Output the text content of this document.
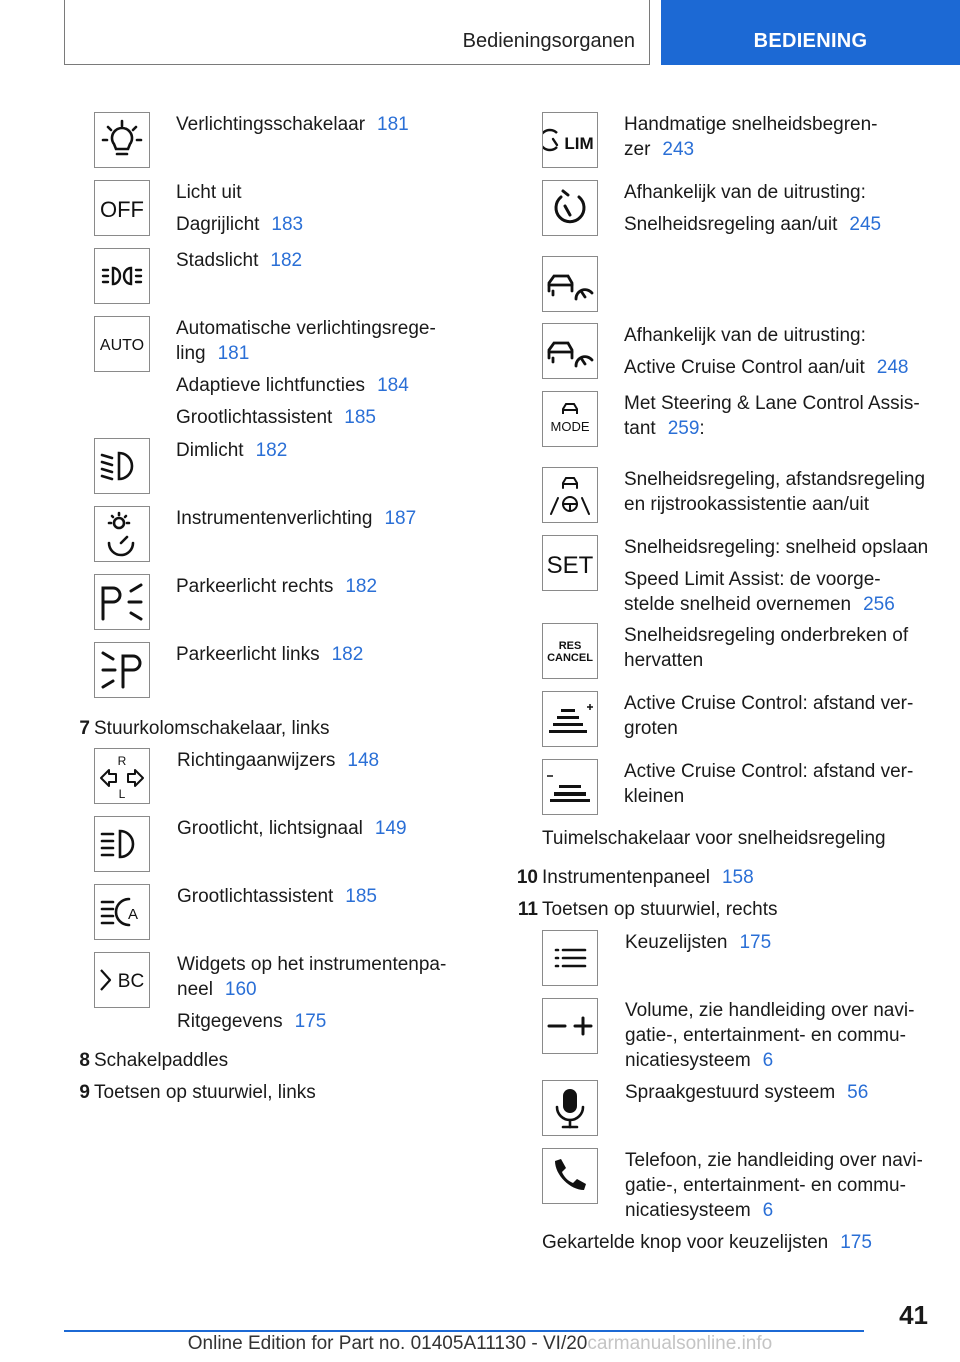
Bedieningsorganen	BEDIENING
Verlichtingsschakelaar 181
OFF
Licht uit
Dagrijlicht 183
Stadslicht 182
AUTO
Automatische verlichtingsrege-
ling 181
Adaptieve lichtfuncties 184
Grootlichtassistent 185
Dimlicht 182
Instrumentenverlichting 187
Parkeerlicht rechts 182
Parkeerlicht links 182
7 Stuurkolomschakelaar, links
R
L
Richtingaanwijzers 148
Grootlicht, lichtsignaal 149
A
Grootlichtassistent 185
BC
Widgets op het instrumentenpa-
neel 160
Ritgegevens 175
8 Schakelpaddles
9 Toetsen op stuurwiel, links
LIM
Handmatige snelheidsbegren-
zer 243
Afhankelijk van de uitrusting:
Snelheidsregeling aan/uit 245
Afhankelijk van de uitrusting:
Active Cruise Control aan/uit 248
MODE
Met Steering & Lane Control Assis-
tant 259:
Snelheidsregeling, afstandsregeling
en rijstrookassistentie aan/uit
SET
Snelheidsregeling: snelheid opslaan
Speed Limit Assist: de voorge-
stelde snelheid overnemen 256
RES
CANCEL
Snelheidsregeling onderbreken of
hervatten
Active Cruise Control: afstand ver-
groten
Active Cruise Control: afstand ver-
kleinen
Tuimelschakelaar voor snelheidsregeling
10 Instrumentenpaneel 158
11 Toetsen op stuurwiel, rechts
Keuzelijsten 175
Volume, zie handleiding over navi-
gatie-, entertainment- en commu-
nicatiesysteem 6
Spraakgestuurd systeem 56
Telefoon, zie handleiding over navi-
gatie-, entertainment- en commu-
nicatiesysteem 6
Gekartelde knop voor keuzelijsten 175
41
Online Edition for Part no. 01405A11130 - VI/20carmanualsonline.info
